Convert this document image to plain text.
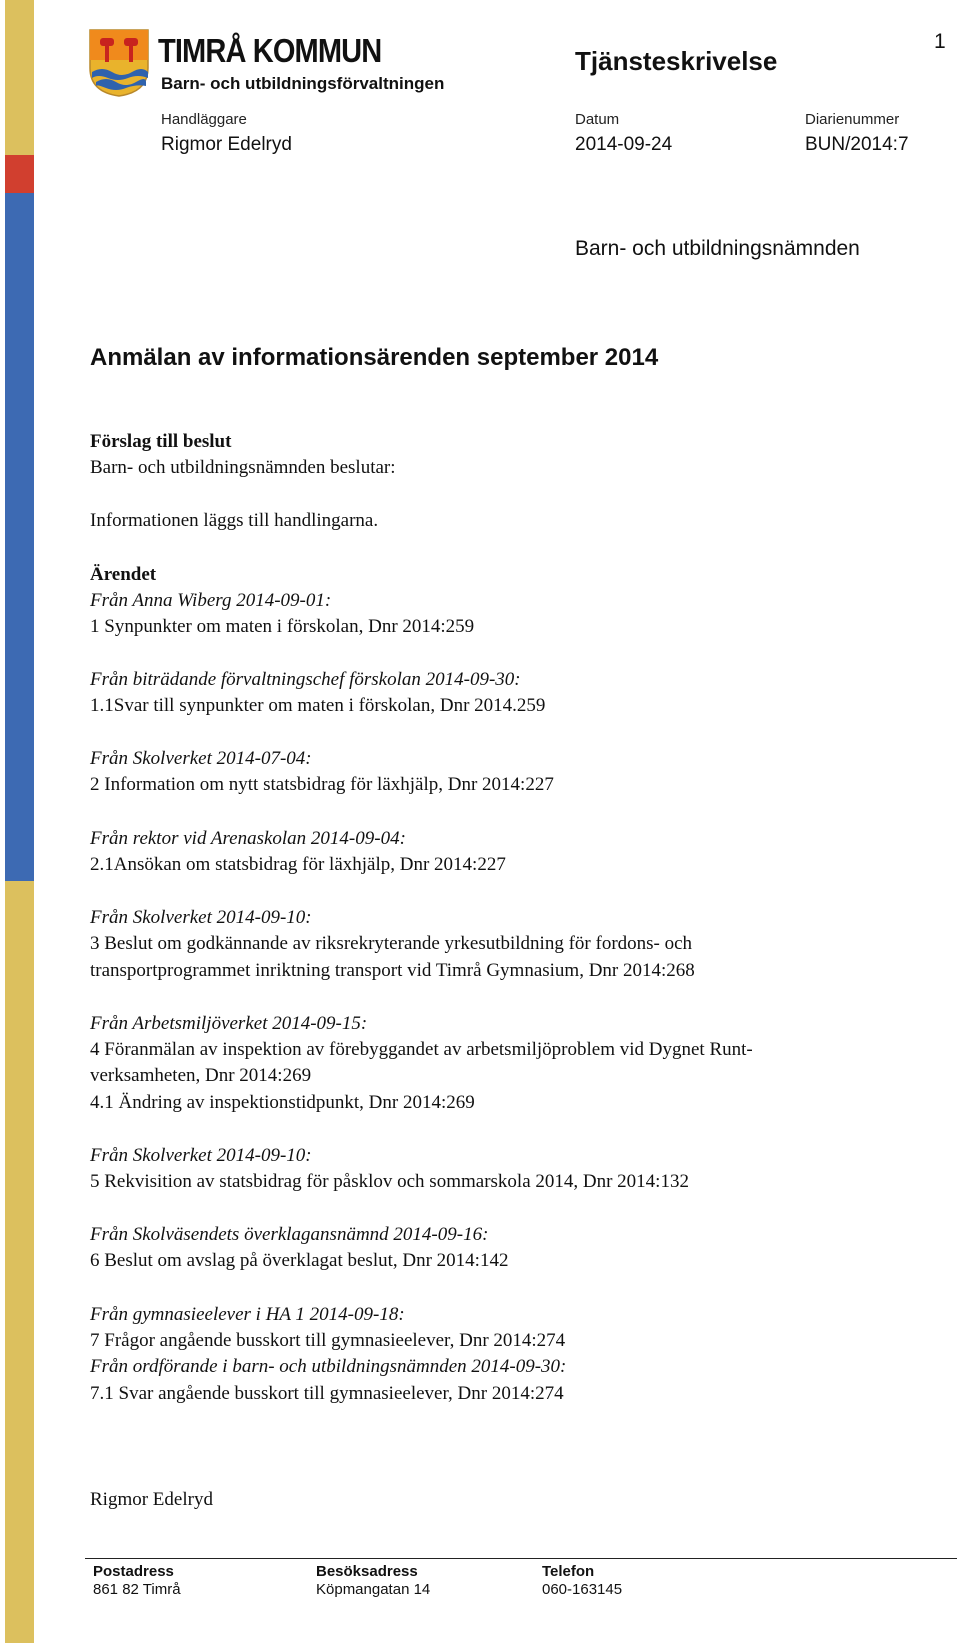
TIMRÅ KOMMUN
Barn- och utbildningsförvaltningen
Tjänsteskrivelse
1
Handläggare
Rigmor Edelryd
Datum
2014-09-24
Diarienummer
BUN/2014:7
Barn- och utbildningsnämnden
Anmälan av informationsärenden september 2014
Förslag till beslut
Barn- och utbildningsnämnden beslutar:
Informationen läggs till handlingarna.
Ärendet
Från Anna Wiberg 2014-09-01:
1 Synpunkter om maten i förskolan, Dnr 2014:259
Från biträdande förvaltningschef förskolan 2014-09-30:
1.1Svar till synpunkter om maten i förskolan, Dnr 2014.259
Från Skolverket 2014-07-04:
2 Information om nytt statsbidrag för läxhjälp, Dnr 2014:227
Från rektor vid Arenaskolan 2014-09-04:
2.1Ansökan om statsbidrag för läxhjälp, Dnr 2014:227
Från Skolverket 2014-09-10:
3 Beslut om godkännande av riksrekryterande yrkesutbildning för fordons- och
transportprogrammet inriktning transport vid Timrå Gymnasium, Dnr 2014:268
Från Arbetsmiljöverket 2014-09-15:
4 Föranmälan av inspektion av förebyggandet av arbetsmiljöproblem vid Dygnet Runt-
verksamheten, Dnr 2014:269
4.1 Ändring av inspektionstidpunkt, Dnr 2014:269
Från Skolverket 2014-09-10:
5 Rekvisition av statsbidrag för påsklov och sommarskola 2014, Dnr 2014:132
Från Skolväsendets överklagansnämnd 2014-09-16:
6 Beslut om avslag på överklagat beslut, Dnr 2014:142
Från gymnasieelever i HA 1 2014-09-18:
7 Frågor angående busskort till gymnasieelever, Dnr 2014:274
Från ordförande i barn- och utbildningsnämnden 2014-09-30:
7.1 Svar angående busskort till gymnasieelever, Dnr 2014:274
Rigmor Edelryd
Postadress
861 82 Timrå
Besöksadress
Köpmangatan 14
Telefon
060-163145
